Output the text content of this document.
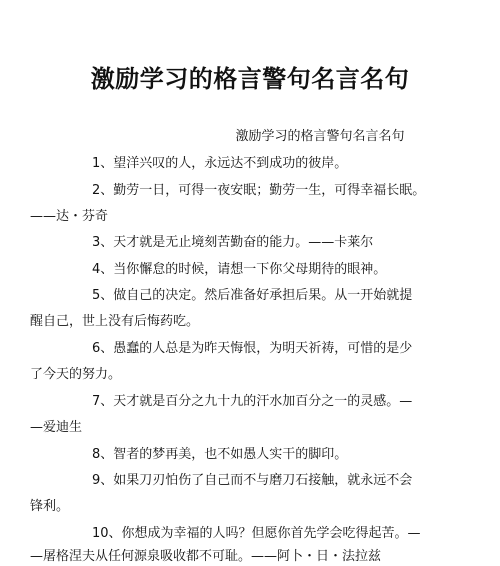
激励学习的格言警句名言名句
激励学习的格言警句名言名句
1、望洋兴叹的人，永远达不到成功的彼岸。
2、勤劳一日，可得一夜安眠；勤劳一生，可得幸福长眠。
——达・芬奇
3、天才就是无止境刻苦勤奋的能力。——卡莱尔
4、当你懈怠的时候，请想一下你父母期待的眼神。
5、做自己的决定。然后准备好承担后果。从一开始就提
醒自己，世上没有后悔药吃。
6、愚蠢的人总是为昨天悔恨，为明天祈祷，可惜的是少
了今天的努力。
7、天才就是百分之九十九的汗水加百分之一的灵感。—
—爱迪生
8、智者的梦再美，也不如愚人实干的脚印。
9、如果刀刃怕伤了自己而不与磨刀石接触，就永远不会
锋利。
10、你想成为幸福的人吗？但愿你首先学会吃得起苦。—
—屠格涅夫从任何源泉吸收都不可耻。——阿卜・日・法拉兹
